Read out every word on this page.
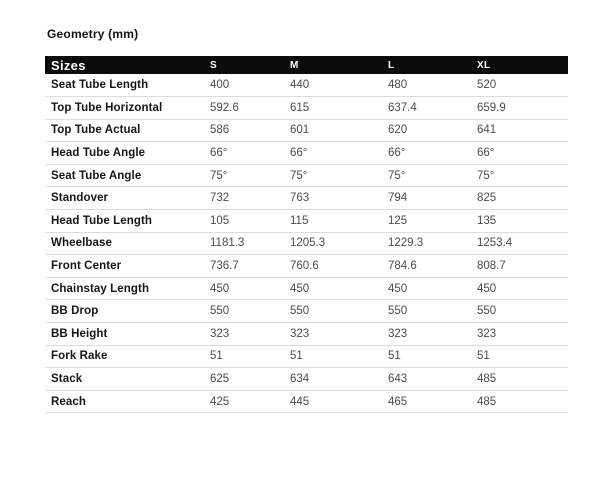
Geometry (mm)
Sizes	S	M	L	XL
Seat Tube Length	400	440	480	520
Top Tube Horizontal	592.6	615	637.4	659.9
Top Tube Actual	586	601	620	641
Head Tube Angle	66°	66°	66°	66°
Seat Tube Angle	75°	75°	75°	75°
Standover	732	763	794	825
Head Tube Length	105	115	125	135
Wheelbase	1181.3	1205.3	1229.3	1253.4
Front Center	736.7	760.6	784.6	808.7
Chainstay Length	450	450	450	450
BB Drop	550	550	550	550
BB Height	323	323	323	323
Fork Rake	51	51	51	51
Stack	625	634	643	485
Reach	425	445	465	485
